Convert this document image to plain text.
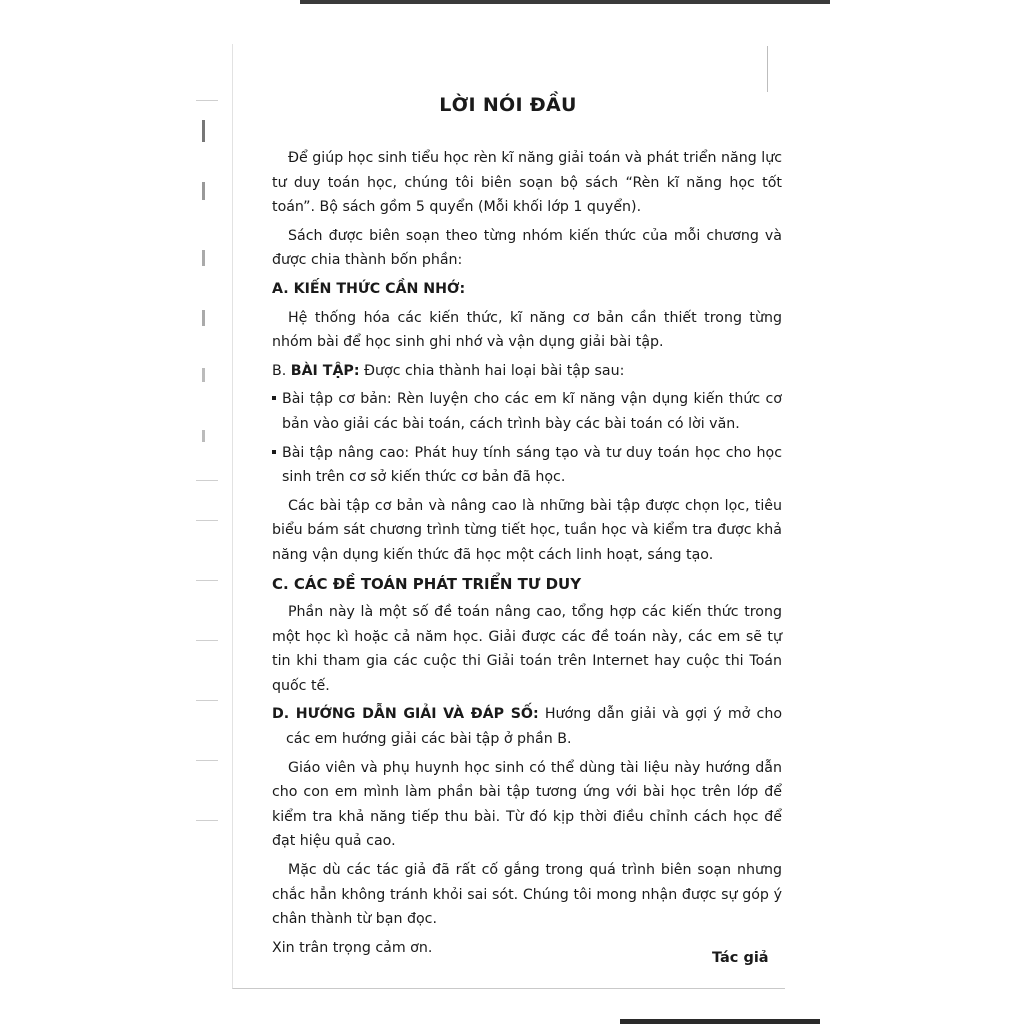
LỜI NÓI ĐẦU

Để giúp học sinh tiểu học rèn kĩ năng giải toán và phát triển năng lực tư duy toán học, chúng tôi biên soạn bộ sách “Rèn kĩ năng học tốt toán”. Bộ sách gồm 5 quyển (Mỗi khối lớp 1 quyển).

Sách được biên soạn theo từng nhóm kiến thức của mỗi chương và được chia thành bốn phần:

A. KIẾN THỨC CẦN NHỚ:

Hệ thống hóa các kiến thức, kĩ năng cơ bản cần thiết trong từng nhóm bài để học sinh ghi nhớ và vận dụng giải bài tập.

B. BÀI TẬP: Được chia thành hai loại bài tập sau:

Bài tập cơ bản: Rèn luyện cho các em kĩ năng vận dụng kiến thức cơ bản vào giải các bài toán, cách trình bày các bài toán có lời văn.
Bài tập nâng cao: Phát huy tính sáng tạo và tư duy toán học cho học sinh trên cơ sở kiến thức cơ bản đã học.

Các bài tập cơ bản và nâng cao là những bài tập được chọn lọc, tiêu biểu bám sát chương trình từng tiết học, tuần học và kiểm tra được khả năng vận dụng kiến thức đã học một cách linh hoạt, sáng tạo.

C. CÁC ĐỀ TOÁN PHÁT TRIỂN TƯ DUY

Phần này là một số đề toán nâng cao, tổng hợp các kiến thức trong một học kì hoặc cả năm học. Giải được các đề toán này, các em sẽ tự tin khi tham gia các cuộc thi Giải toán trên Internet hay cuộc thi Toán quốc tế.

D. HƯỚNG DẪN GIẢI VÀ ĐÁP SỐ: Hướng dẫn giải và gợi ý mở cho các em hướng giải các bài tập ở phần B.

Giáo viên và phụ huynh học sinh có thể dùng tài liệu này hướng dẫn cho con em mình làm phần bài tập tương ứng với bài học trên lớp để kiểm tra khả năng tiếp thu bài. Từ đó kịp thời điều chỉnh cách học để đạt hiệu quả cao.

Mặc dù các tác giả đã rất cố gắng trong quá trình biên soạn nhưng chắc hẳn không tránh khỏi sai sót. Chúng tôi mong nhận được sự góp ý chân thành từ bạn đọc.

Xin trân trọng cảm ơn.

Tác giả
